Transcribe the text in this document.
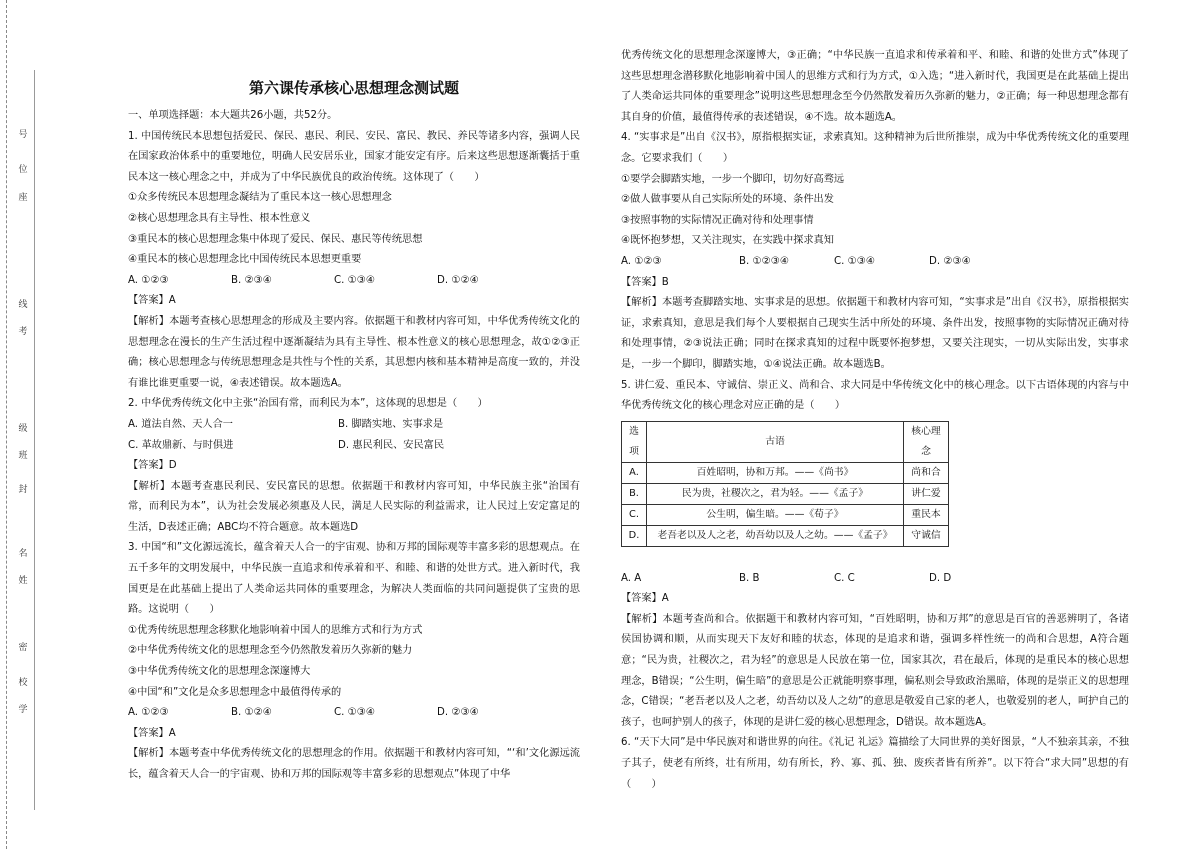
号
位
座
线
考
级
班
封
名
姓
密
校
学
第六课传承核心思想理念测试题

一、单项选择题：本大题共26小题，共52分。

1. 中国传统民本思想包括爱民、保民、惠民、利民、安民、富民、教民、养民等诸多内容，强调人民在国家政治体系中的重要地位，明确人民安居乐业，国家才能安定有序。后来这些思想逐渐囊括于重民本这一核心理念之中，并成为了中华民族优良的政治传统。这体现了（　　）

①众多传统民本思想理念凝结为了重民本这一核心思想理念

②核心思想理念具有主导性、根本性意义

③重民本的核心思想理念集中体现了爱民、保民、惠民等传统思想

④重民本的核心思想理念比中国传统民本思想更重要

A. ①②③	B. ②③④	C. ①③④	D. ①②④

【答案】A

【解析】本题考查核心思想理念的形成及主要内容。依据题干和教材内容可知，中华优秀传统文化的思想理念在漫长的生产生活过程中逐渐凝结为具有主导性、根本性意义的核心思想理念，故①②③正确；核心思想理念与传统思想理念是共性与个性的关系，其思想内核和基本精神是高度一致的，并没有谁比谁更重要一说，④表述错误。故本题选A。

2. 中华优秀传统文化中主张“治国有常，而利民为本”，这体现的思想是（　　）

A. 道法自然、天人合一	B. 脚踏实地、实事求是

C. 革故鼎新、与时俱进	D. 惠民利民、安民富民

【答案】D

【解析】本题考查惠民利民、安民富民的思想。依据题干和教材内容可知，中华民族主张“治国有常，而利民为本”，认为社会发展必须惠及人民，满足人民实际的利益需求，让人民过上安定富足的生活，D表述正确；ABC均不符合题意。故本题选D

3. 中国“和”文化源远流长，蕴含着天人合一的宇宙观、协和万邦的国际观等丰富多彩的思想观点。在五千多年的文明发展中，中华民族一直追求和传承着和平、和睦、和谐的处世方式。进入新时代，我国更是在此基础上提出了人类命运共同体的重要理念，为解决人类面临的共同问题提供了宝贵的思路。这说明（　　）

①优秀传统思想理念移默化地影响着中国人的思维方式和行为方式

②中华优秀传统文化的思想理念至今仍然散发着历久弥新的魅力

③中华优秀传统文化的思想理念深邃博大

④中国“和”文化是众多思想理念中最值得传承的

A. ①②③	B. ①②④	C. ①③④	D. ②③④

【答案】A

【解析】本题考查中华优秀传统文化的思想理念的作用。依据题干和教材内容可知，“‘和’文化源远流长，蕴含着天人合一的宇宙观、协和万邦的国际观等丰富多彩的思想观点”体现了中华

优秀传统文化的思想理念深邃博大，③正确；“中华民族一直追求和传承着和平、和睦、和谐的处世方式”体现了这些思想理念潜移默化地影响着中国人的思维方式和行为方式，①入选；“进入新时代，我国更是在此基础上提出了人类命运共同体的重要理念”说明这些思想理念至今仍然散发着历久弥新的魅力，②正确；每一种思想理念都有其自身的价值，最值得传承的表述错误，④不选。故本题选A。

4. “实事求是”出自《汉书》，原指根据实证，求索真知。这种精神为后世所推崇，成为中华优秀传统文化的重要理念。它要求我们（　　）

①要学会脚踏实地，一步一个脚印，切勿好高骛远

②做人做事要从自己实际所处的环境、条件出发

③按照事物的实际情况正确对待和处理事情

④既怀抱梦想，又关注现实，在实践中探求真知

A. ①②③	B. ①②③④	C. ①③④	D. ②③④

【答案】B

【解析】本题考查脚踏实地、实事求是的思想。依据题干和教材内容可知，“实事求是”出自《汉书》，原指根据实证，求索真知，意思是我们每个人要根据自己现实生活中所处的环境、条件出发，按照事物的实际情况正确对待和处理事情，②③说法正确；同时在探求真知的过程中既要怀抱梦想，又要关注现实，一切从实际出发，实事求是，一步一个脚印，脚踏实地，①④说法正确。故本题选B。

5. 讲仁爱、重民本、守诚信、崇正义、尚和合、求大同是中华传统文化中的核心理念。以下古语体现的内容与中华优秀传统文化的核心理念对应正确的是（　　）

选项	古语	核心理念
A.	百姓昭明，协和万邦。——《尚书》	尚和合
B.	民为贵，社稷次之，君为轻。——《孟子》	讲仁爱
C.	公生明，偏生暗。——《荀子》	重民本
D.	老吾老以及人之老，幼吾幼以及人之幼。——《孟子》	守诚信

A. A	B. B	C. C	D. D

【答案】A

【解析】本题考查尚和合。依据题干和教材内容可知，“百姓昭明，协和万邦”的意思是百官的善恶辨明了，各诸侯国协调和顺，从而实现天下友好和睦的状态，体现的是追求和谐，强调多样性统一的尚和合思想，A符合题意；“民为贵，社稷次之，君为轻”的意思是人民放在第一位，国家其次，君在最后，体现的是重民本的核心思想理念，B错误；“公生明，偏生暗”的意思是公正就能明察事理，偏私则会导致政治黑暗，体现的是崇正义的思想理念，C错误；“老吾老以及人之老，幼吾幼以及人之幼”的意思是敬爱自己家的老人，也敬爱别的老人，呵护自己的孩子，也呵护别人的孩子，体现的是讲仁爱的核心思想理念，D错误。故本题选A。

6. “天下大同”是中华民族对和谐世界的向往。《礼记 礼运》篇描绘了大同世界的美好图景，“人不独亲其亲，不独子其子，使老有所终，壮有所用，幼有所长，矜、寡、孤、独、废疾者皆有所养”。以下符合“求大同”思想的有（　　）
